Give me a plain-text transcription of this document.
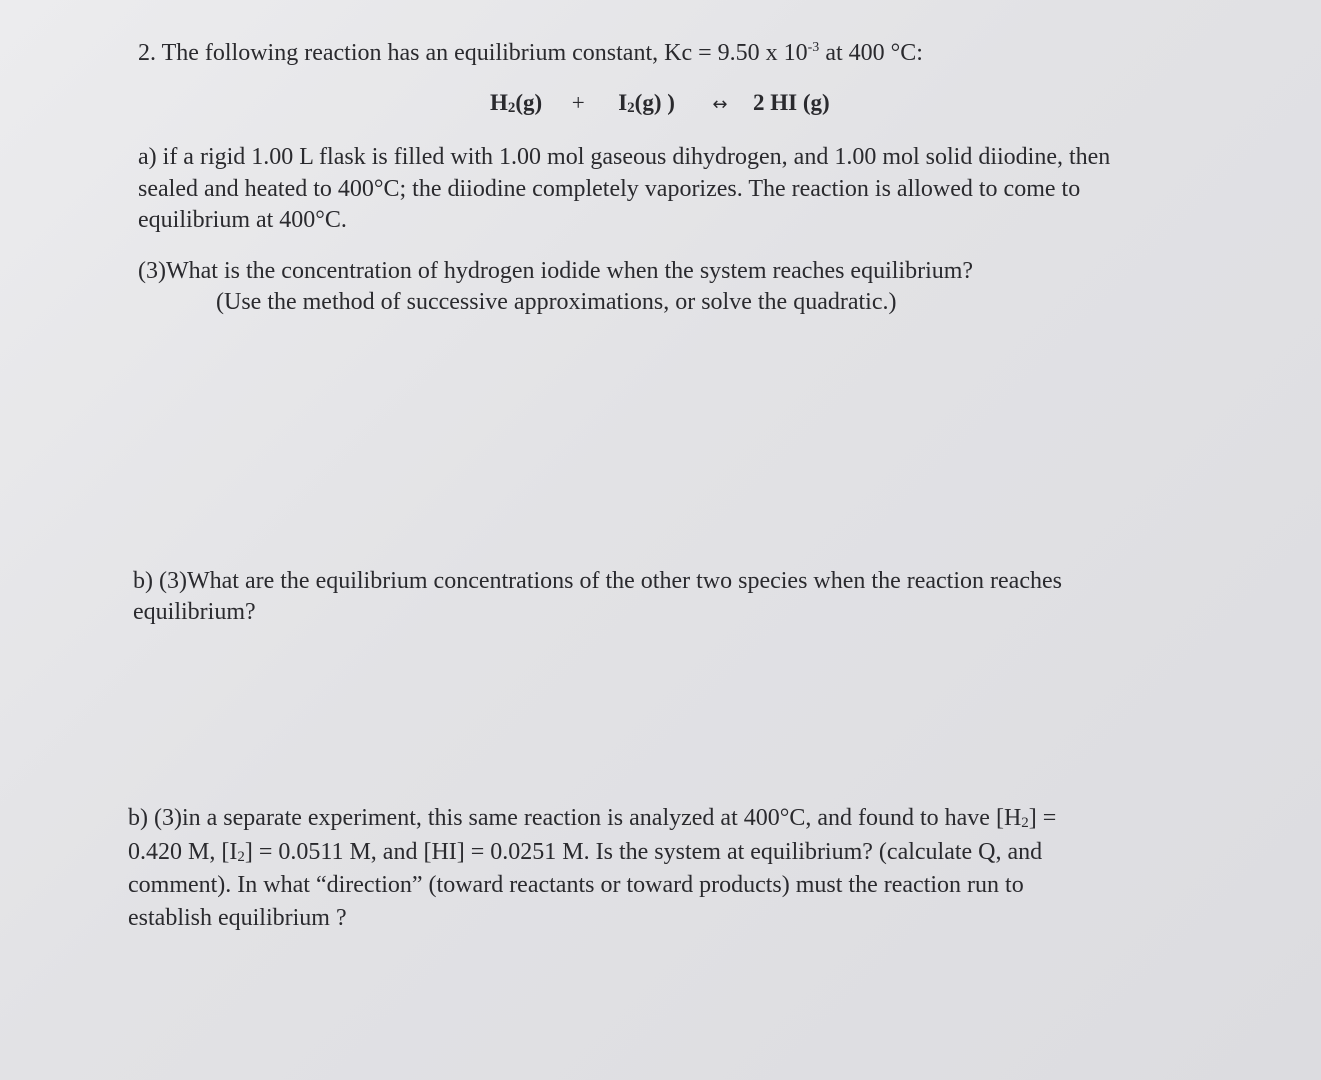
2. The following reaction has an equilibrium constant, Kc = 9.50 x $10^{-3}$ at 400 °C:
$H_2(g) + I_2(g)$ ) ↔ 2 HI (g)
a) if a rigid 1.00 L flask is filled with 1.00 mol gaseous dihydrogen, and 1.00 mol solid diiodine, then
sealed and heated to 400°C; the diiodine completely vaporizes. The reaction is allowed to come to
equilibrium at 400°C.
(3)What is the concentration of hydrogen iodide when the system reaches equilibrium?
(Use the method of successive approximations, or solve the quadratic.)
b) (3)What are the equilibrium concentrations of the other two species when the reaction reaches
equilibrium?
b) (3)in a separate experiment, this same reaction is analyzed at 400°C, and found to have $[H_2]$ =
0.420 M, $[I_2] = 0.0511$ M, and [HI] = 0.0251 M. Is the system at equilibrium? (calculate Q, and
comment). In what “direction” (toward reactants or toward products) must the reaction run to
establish equilibrium ?
